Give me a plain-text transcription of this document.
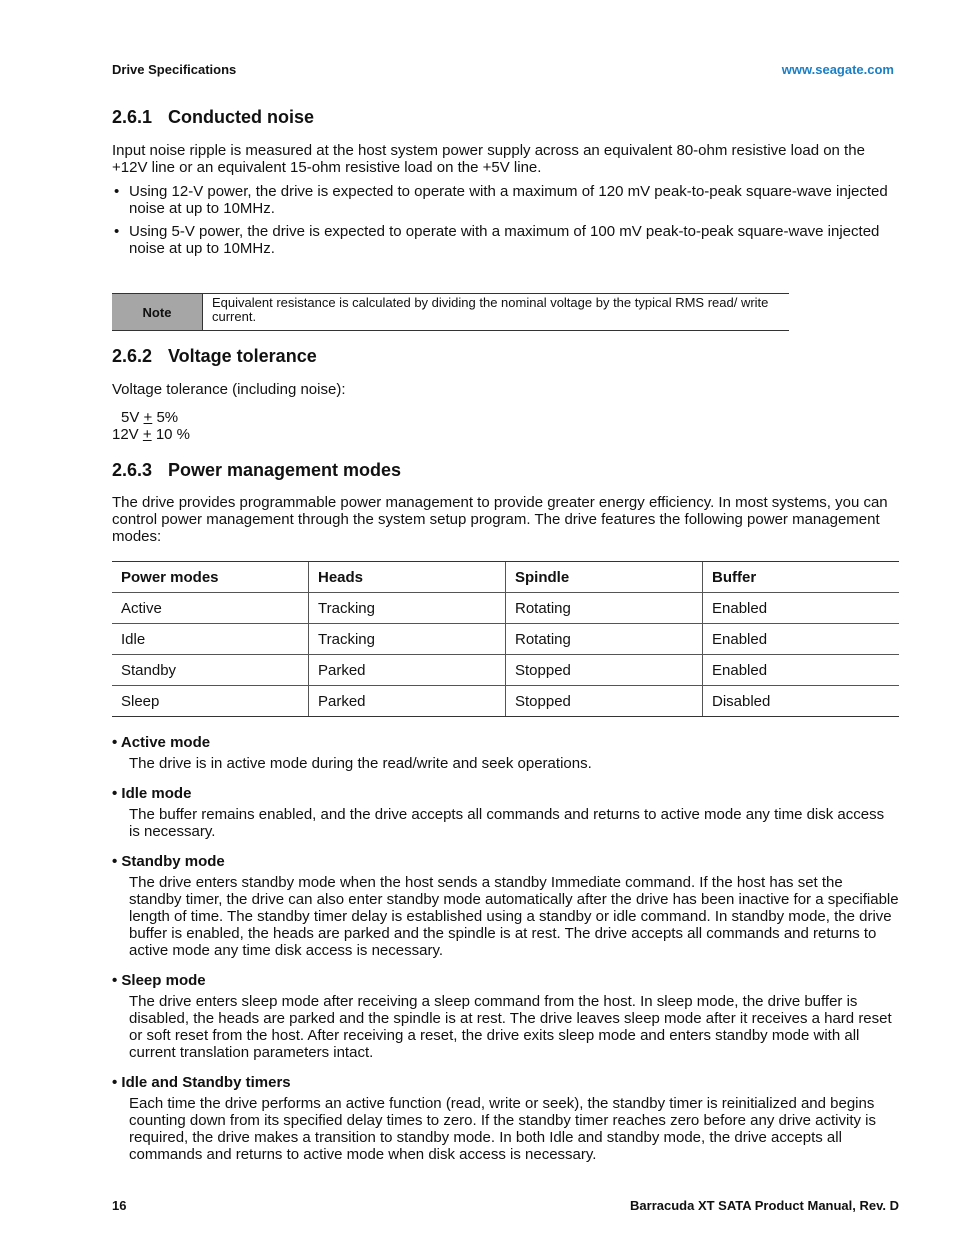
Drive Specifications	www.seagate.com
2.6.1 Conducted noise
Input noise ripple is measured at the host system power supply across an equivalent 80-ohm resistive load on the +12V line or an equivalent 15-ohm resistive load on the +5V line.
• Using 12-V power, the drive is expected to operate with a maximum of 120 mV peak-to-peak square-wave injected noise at up to 10MHz.
• Using 5-V power, the drive is expected to operate with a maximum of 100 mV peak-to-peak square-wave injected noise at up to 10MHz.
Note
Equivalent resistance is calculated by dividing the nominal voltage by the typical RMS read/ write current.
2.6.2 Voltage tolerance
Voltage tolerance (including noise):
5V + 5%
12V + 10 %
2.6.3 Power management modes
The drive provides programmable power management to provide greater energy efficiency. In most systems, you can control power management through the system setup program. The drive features the following power management modes:
Power modes	Heads	Spindle	Buffer
Active	Tracking	Rotating	Enabled
Idle	Tracking	Rotating	Enabled
Standby	Parked	Stopped	Enabled
Sleep	Parked	Stopped	Disabled
• Active mode
The drive is in active mode during the read/write and seek operations.
• Idle mode
The buffer remains enabled, and the drive accepts all commands and returns to active mode any time disk access is necessary.
• Standby mode
The drive enters standby mode when the host sends a standby Immediate command. If the host has set the standby timer, the drive can also enter standby mode automatically after the drive has been inactive for a specifiable length of time. The standby timer delay is established using a standby or idle command. In standby mode, the drive buffer is enabled, the heads are parked and the spindle is at rest. The drive accepts all commands and returns to active mode any time disk access is necessary.
• Sleep mode
The drive enters sleep mode after receiving a sleep command from the host. In sleep mode, the drive buffer is disabled, the heads are parked and the spindle is at rest. The drive leaves sleep mode after it receives a hard reset or soft reset from the host. After receiving a reset, the drive exits sleep mode and enters standby mode with all current translation parameters intact.
• Idle and Standby timers
Each time the drive performs an active function (read, write or seek), the standby timer is reinitialized and begins counting down from its specified delay times to zero. If the standby timer reaches zero before any drive activity is required, the drive makes a transition to standby mode. In both Idle and standby mode, the drive accepts all commands and returns to active mode when disk access is necessary.
16	Barracuda XT SATA Product Manual, Rev. D
